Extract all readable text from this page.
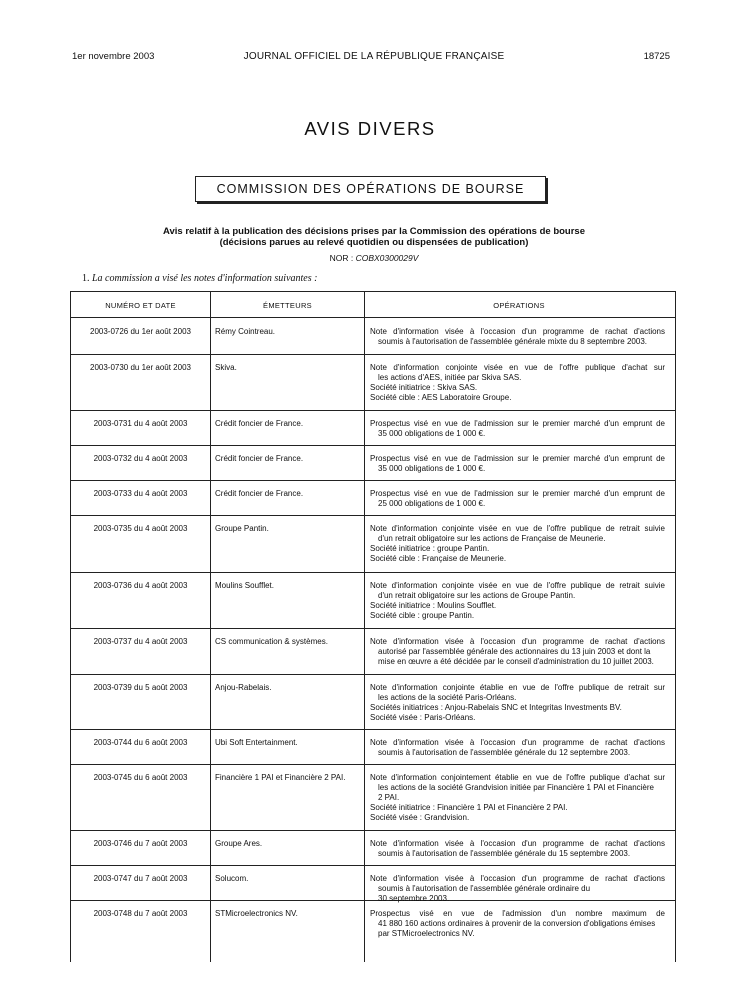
1er novembre 2003	JOURNAL OFFICIEL DE LA RÉPUBLIQUE FRANÇAISE	18725
AVIS DIVERS
COMMISSION DES OPÉRATIONS DE BOURSE
Avis relatif à la publication des décisions prises par la Commission des opérations de bourse
(décisions parues au relevé quotidien ou dispensées de publication)
NOR : COBX0300029V
1. La commission a visé les notes d'information suivantes :
NUMÉRO ET DATE	ÉMETTEURS	OPÉRATIONS
2003-0726 du 1er août 2003	Rémy Cointreau.	Note d'information visée à l'occasion d'un programme de rachat d'actions
soumis à l'autorisation de l'assemblée générale mixte du 8 septembre 2003.
2003-0730 du 1er août 2003	Skiva.	Note d'information conjointe visée en vue de l'offre publique d'achat sur
les actions d'AES, initiée par Skiva SAS.
Société initiatrice : Skiva SAS.
Société cible : AES Laboratoire Groupe.
2003-0731 du 4 août 2003	Crédit foncier de France.	Prospectus visé en vue de l'admission sur le premier marché d'un emprunt de
35 000 obligations de 1 000 €.
2003-0732 du 4 août 2003	Crédit foncier de France.	Prospectus visé en vue de l'admission sur le premier marché d'un emprunt de
35 000 obligations de 1 000 €.
2003-0733 du 4 août 2003	Crédit foncier de France.	Prospectus visé en vue de l'admission sur le premier marché d'un emprunt de
25 000 obligations de 1 000 €.
2003-0735 du 4 août 2003	Groupe Pantin.	Note d'information conjointe visée en vue de l'offre publique de retrait suivie
d'un retrait obligatoire sur les actions de Française de Meunerie.
Société initiatrice : groupe Pantin.
Société cible : Française de Meunerie.
2003-0736 du 4 août 2003	Moulins Soufflet.	Note d'information conjointe visée en vue de l'offre publique de retrait suivie
d'un retrait obligatoire sur les actions de Groupe Pantin.
Société initiatrice : Moulins Soufflet.
Société cible : groupe Pantin.
2003-0737 du 4 août 2003	CS communication & systèmes.	Note d'information visée à l'occasion d'un programme de rachat d'actions
autorisé par l'assemblée générale des actionnaires du 13 juin 2003 et dont la
mise en œuvre a été décidée par le conseil d'administration du 10 juillet 2003.
2003-0739 du 5 août 2003	Anjou-Rabelais.	Note d'information conjointe établie en vue de l'offre publique de retrait sur
les actions de la société Paris-Orléans.
Sociétés initiatrices : Anjou-Rabelais SNC et Integritas Investments BV.
Société visée : Paris-Orléans.
2003-0744 du 6 août 2003	Ubi Soft Entertainment.	Note d'information visée à l'occasion d'un programme de rachat d'actions
soumis à l'autorisation de l'assemblée générale du 12 septembre 2003.
2003-0745 du 6 août 2003	Financière 1 PAI et Financière 2 PAI.	Note d'information conjointement établie en vue de l'offre publique d'achat sur
les actions de la société Grandvision initiée par Financière 1 PAI et Financière
2 PAI.
Société initiatrice : Financière 1 PAI et Financière 2 PAI.
Société visée : Grandvision.
2003-0746 du 7 août 2003	Groupe Ares.	Note d'information visée à l'occasion d'un programme de rachat d'actions
soumis à l'autorisation de l'assemblée générale du 15 septembre 2003.
2003-0747 du 7 août 2003	Solucom.	Note d'information visée à l'occasion d'un programme de rachat d'actions
soumis à l'autorisation de l'assemblée générale ordinaire du
30 septembre 2003.
2003-0748 du 7 août 2003	STMicroelectronics NV.	Prospectus visé en vue de l'admission d'un nombre maximum de
41 880 160 actions ordinaires à provenir de la conversion d'obligations émises
par STMicroelectronics NV.
